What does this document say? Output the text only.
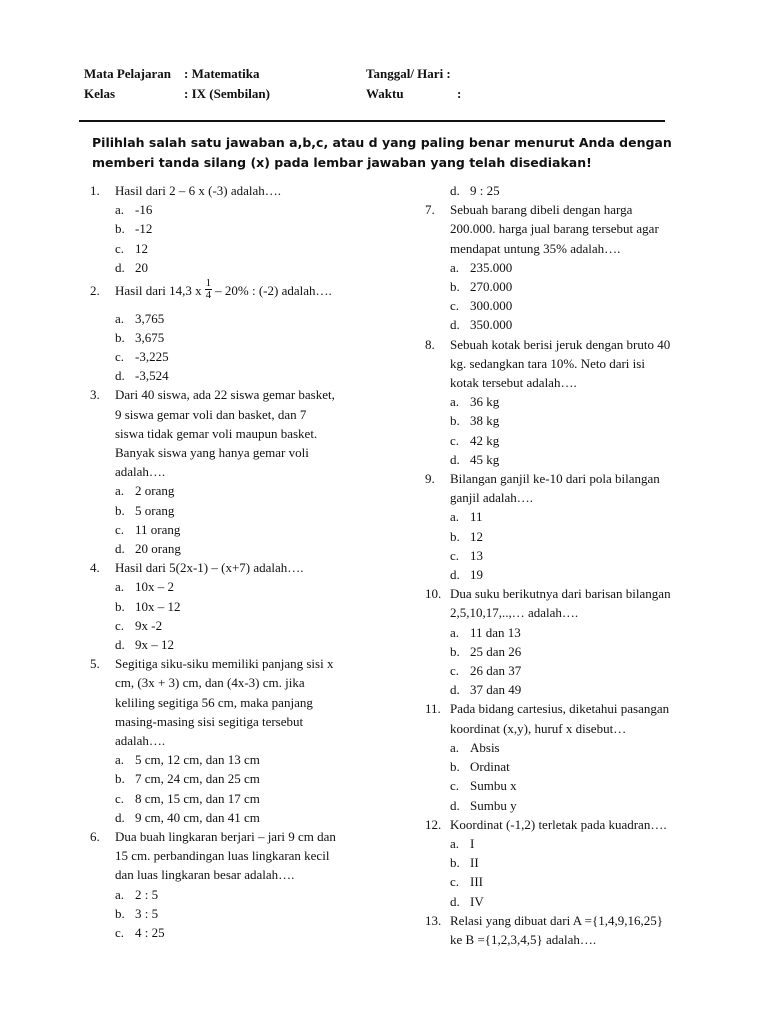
Mata Pelajaran : Matematika	Tanggal/ Hari :
Kelas	: IX (Sembilan)	Waktu	:
Pilihlah salah satu jawaban a,b,c, atau d yang paling benar menurut Anda dengan memberi tanda silang (x) pada lembar jawaban yang telah disediakan!
1. Hasil dari 2 – 6 x (-3) adalah….
a. -16
b. -12
c. 12
d. 20
2. Hasil dari 14,3 x $\frac{1}{4} - 20\%$ : (-2) adalah….
a. 3,765
b. 3,675
c. -3,225
d. -3,524
3. Dari 40 siswa, ada 22 siswa gemar basket,
9 siswa gemar voli dan basket, dan 7
siswa tidak gemar voli maupun basket.
Banyak siswa yang hanya gemar voli
adalah….
a. 2 orang
b. 5 orang
c. 11 orang
d. 20 orang
4. Hasil dari 5(2x-1) – (x+7) adalah….
a. 10x – 2
b. 10x – 12
c. 9x -2
d. 9x – 12
5. Segitiga siku-siku memiliki panjang sisi x
cm, (3x + 3) cm, dan (4x-3) cm. jika
keliling segitiga 56 cm, maka panjang
masing-masing sisi segitiga tersebut
adalah….
a. 5 cm, 12 cm, dan 13 cm
b. 7 cm, 24 cm, dan 25 cm
c. 8 cm, 15 cm, dan 17 cm
d. 9 cm, 40 cm, dan 41 cm
6. Dua buah lingkaran berjari – jari 9 cm dan
15 cm. perbandingan luas lingkaran kecil
dan luas lingkaran besar adalah….
a. 2 : 5
b. 3 : 5
c. 4 : 25
d. 9 : 25
7. Sebuah barang dibeli dengan harga
200.000. harga jual barang tersebut agar
mendapat untung 35% adalah….
a. 235.000
b. 270.000
c. 300.000
d. 350.000
8. Sebuah kotak berisi jeruk dengan bruto 40
kg. sedangkan tara 10%. Neto dari isi
kotak tersebut adalah….
a. 36 kg
b. 38 kg
c. 42 kg
d. 45 kg
9. Bilangan ganjil ke-10 dari pola bilangan
ganjil adalah….
a. 11
b. 12
c. 13
d. 19
10. Dua suku berikutnya dari barisan bilangan
2,5,10,17,..,… adalah….
a. 11 dan 13
b. 25 dan 26
c. 26 dan 37
d. 37 dan 49
11. Pada bidang cartesius, diketahui pasangan
koordinat (x,y), huruf x disebut…
a. Absis
b. Ordinat
c. Sumbu x
d. Sumbu y
12. Koordinat (-1,2) terletak pada kuadran….
a. I
b. II
c. III
d. IV
13. Relasi yang dibuat dari A ={1,4,9,16,25}
ke B ={1,2,3,4,5} adalah….
